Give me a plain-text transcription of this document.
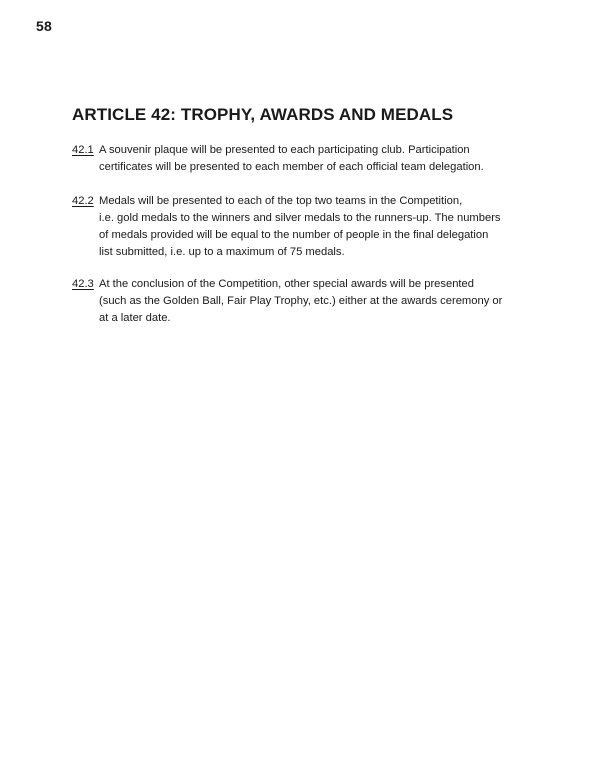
58
ARTICLE 42: TROPHY, AWARDS AND MEDALS
42.1 A souvenir plaque will be presented to each participating club. Participation
certificates will be presented to each member of each official team delegation.
42.2 Medals will be presented to each of the top two teams in the Competition,
i.e. gold medals to the winners and silver medals to the runners-up. The numbers
of medals provided will be equal to the number of people in the final delegation
list submitted, i.e. up to a maximum of 75 medals.
42.3 At the conclusion of the Competition, other special awards will be presented
(such as the Golden Ball, Fair Play Trophy, etc.) either at the awards ceremony or
at a later date.
